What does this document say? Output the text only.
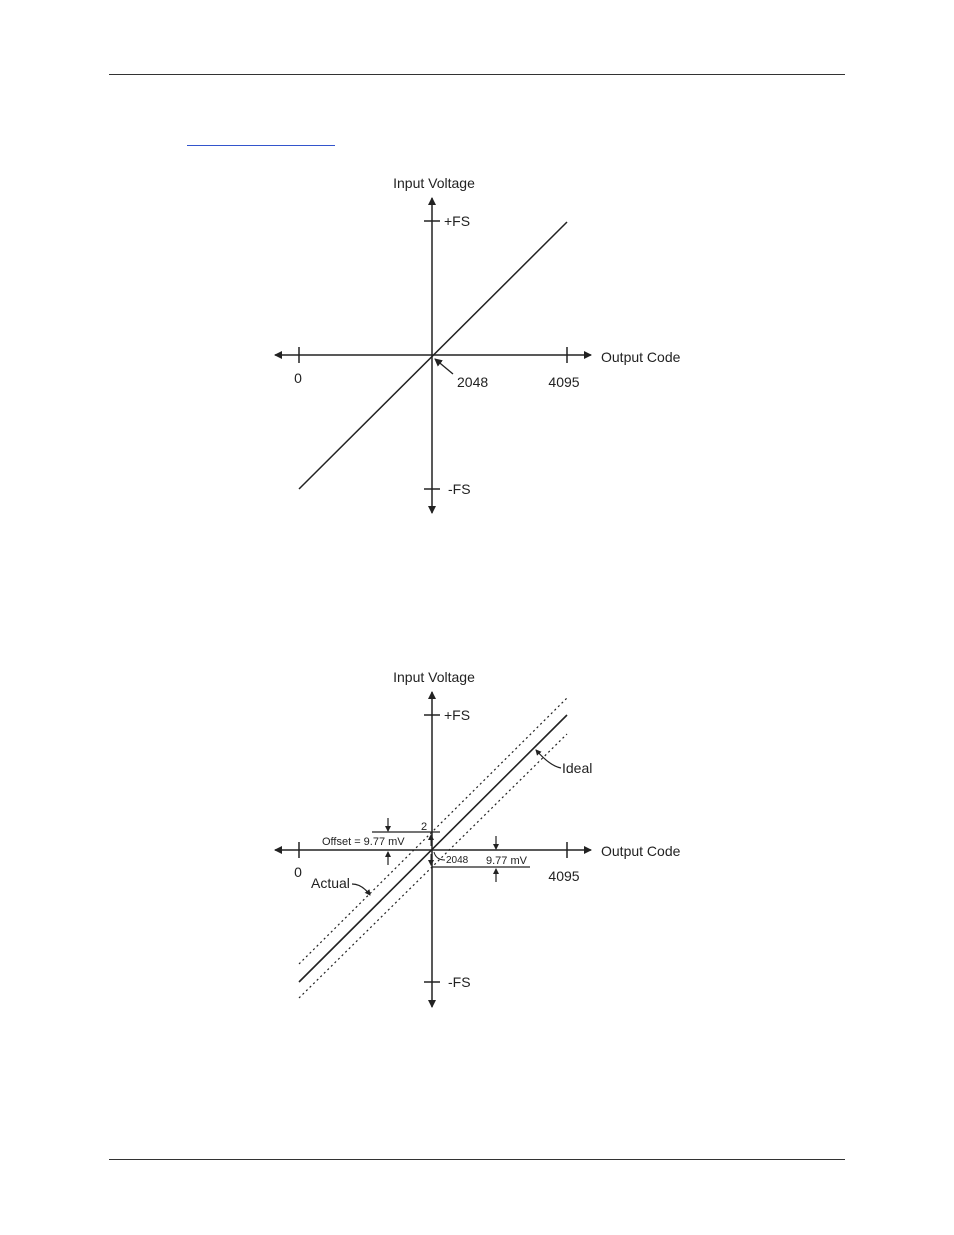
Input Voltage
Output Code
+FS
-FS
0	2048	4095
Input Voltage
Output Code
+FS
-FS
0
2048
4095
Offset = 9.77 mV
9.77 mV
2
Ideal
Actual
